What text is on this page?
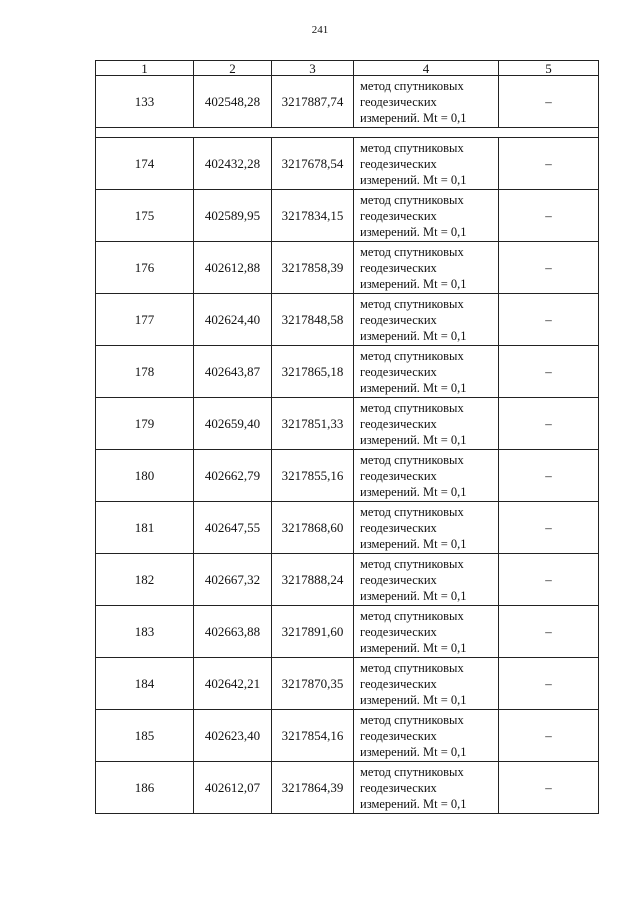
241
1	2	3	4	5
133	402548,28	3217887,74	метод спутниковых
геодезических
измерений. Mt = 0,1	–

174	402432,28	3217678,54	метод спутниковых
геодезических
измерений. Mt = 0,1	–
175	402589,95	3217834,15	метод спутниковых
геодезических
измерений. Mt = 0,1	–
176	402612,88	3217858,39	метод спутниковых
геодезических
измерений. Mt = 0,1	–
177	402624,40	3217848,58	метод спутниковых
геодезических
измерений. Mt = 0,1	–
178	402643,87	3217865,18	метод спутниковых
геодезических
измерений. Mt = 0,1	–
179	402659,40	3217851,33	метод спутниковых
геодезических
измерений. Mt = 0,1	–
180	402662,79	3217855,16	метод спутниковых
геодезических
измерений. Mt = 0,1	–
181	402647,55	3217868,60	метод спутниковых
геодезических
измерений. Mt = 0,1	–
182	402667,32	3217888,24	метод спутниковых
геодезических
измерений. Mt = 0,1	–
183	402663,88	3217891,60	метод спутниковых
геодезических
измерений. Mt = 0,1	–
184	402642,21	3217870,35	метод спутниковых
геодезических
измерений. Mt = 0,1	–
185	402623,40	3217854,16	метод спутниковых
геодезических
измерений. Mt = 0,1	–
186	402612,07	3217864,39	метод спутниковых
геодезических
измерений. Mt = 0,1	–
